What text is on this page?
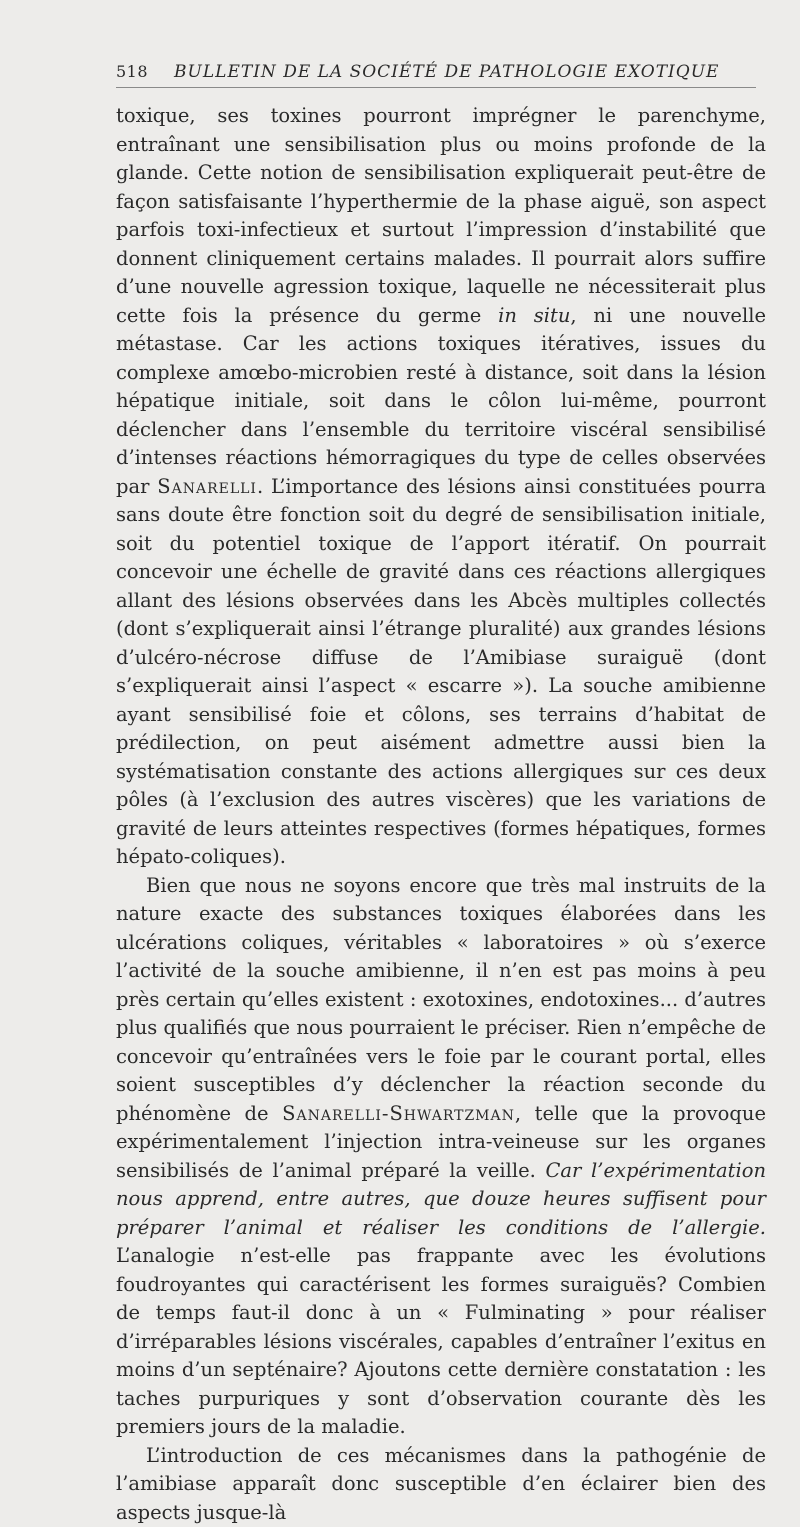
518 BULLETIN DE LA SOCIÉTÉ DE PATHOLOGIE EXOTIQUE

toxique, ses toxines pourront imprégner le parenchyme, entraînant une sensibilisation plus ou moins profonde de la glande. Cette notion de sensibilisation expliquerait peut-être de façon satisfaisante l’hyperthermie de la phase aiguë, son aspect parfois toxi-infectieux et surtout l’impression d’instabilité que donnent cliniquement certains malades. Il pourrait alors suffire d’une nouvelle agression toxique, laquelle ne nécessiterait plus cette fois la présence du germe in situ, ni une nouvelle métastase. Car les actions toxiques itératives, issues du complexe amœbo-microbien resté à distance, soit dans la lésion hépatique initiale, soit dans le côlon lui-même, pourront déclencher dans l’ensemble du territoire viscéral sensibilisé d’intenses réactions hémorragiques du type de celles observées par Sanarelli. L’importance des lésions ainsi constituées pourra sans doute être fonction soit du degré de sensibilisation initiale, soit du potentiel toxique de l’apport itératif. On pourrait concevoir une échelle de gravité dans ces réactions allergiques allant des lésions observées dans les Abcès multiples collectés (dont s’expliquerait ainsi l’étrange pluralité) aux grandes lésions d’ulcéro-nécrose diffuse de l’Amibiase suraiguë (dont s’expliquerait ainsi l’aspect « escarre »). La souche amibienne ayant sensibilisé foie et côlons, ses terrains d’habitat de prédilection, on peut aisément admettre aussi bien la systématisation constante des actions allergiques sur ces deux pôles (à l’exclusion des autres viscères) que les variations de gravité de leurs atteintes respectives (formes hépatiques, formes hépato-coliques).

Bien que nous ne soyons encore que très mal instruits de la nature exacte des substances toxiques élaborées dans les ulcérations coliques, véritables « laboratoires » où s’exerce l’activité de la souche amibienne, il n’en est pas moins à peu près certain qu’elles existent : exotoxines, endotoxines... d’autres plus qualifiés que nous pourraient le préciser. Rien n’empêche de concevoir qu’entraînées vers le foie par le courant portal, elles soient susceptibles d’y déclencher la réaction seconde du phénomène de Sanarelli-Shwartzman, telle que la provoque expérimentalement l’injection intra-veineuse sur les organes sensibilisés de l’animal préparé la veille. Car l’expérimentation nous apprend, entre autres, que douze heures suffisent pour préparer l’animal et réaliser les conditions de l’allergie. L’analogie n’est-elle pas frappante avec les évolutions foudroyantes qui caractérisent les formes suraiguës? Combien de temps faut-il donc à un « Fulminating » pour réaliser d’irréparables lésions viscérales, capables d’entraîner l’exitus en moins d’un septénaire? Ajoutons cette dernière constatation : les taches purpuriques y sont d’observation courante dès les premiers jours de la maladie.

L’introduction de ces mécanismes dans la pathogénie de l’amibiase apparaît donc susceptible d’en éclairer bien des aspects jusque-là
